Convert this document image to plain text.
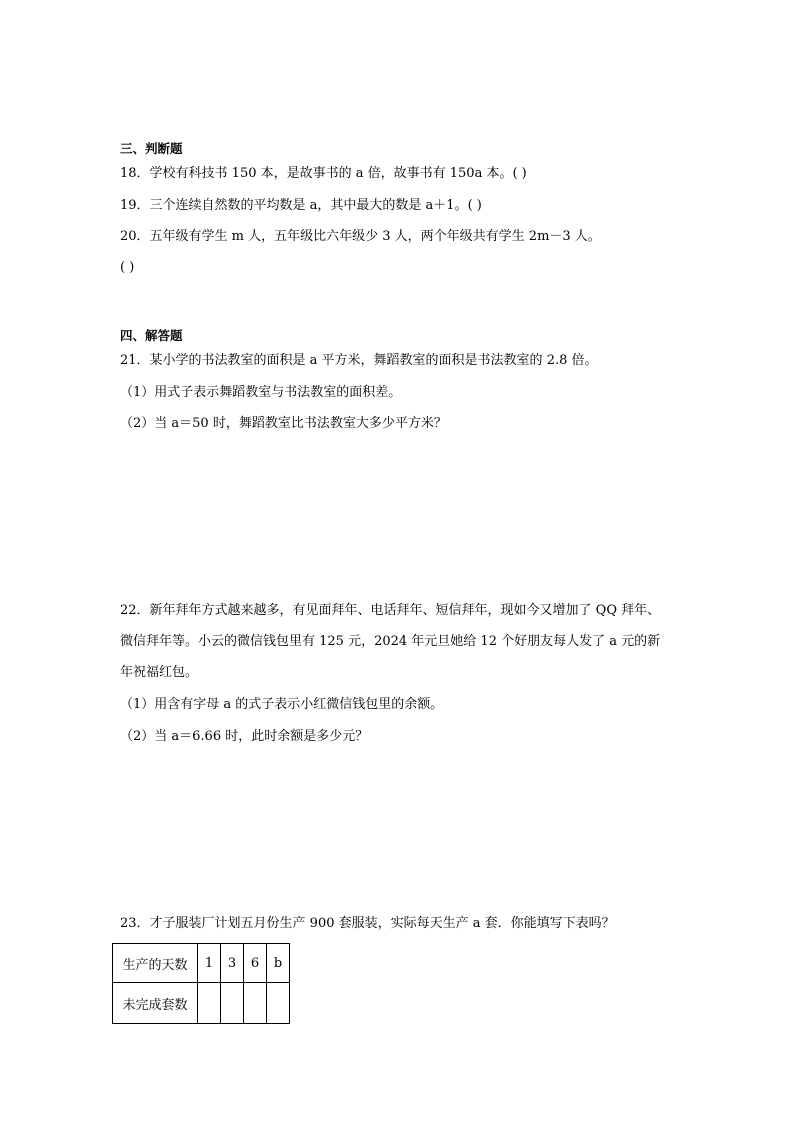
三、判断题
18．学校有科技书 150 本，是故事书的 a 倍，故事书有 150a 本。( )
19．三个连续自然数的平均数是 a，其中最大的数是 a＋1。( )
20．五年级有学生 m 人，五年级比六年级少 3 人，两个年级共有学生 2m－3 人。
( )
四、解答题
21．某小学的书法教室的面积是 a 平方米，舞蹈教室的面积是书法教室的 2.8 倍。
（1）用式子表示舞蹈教室与书法教室的面积差。
（2）当 a＝50 时，舞蹈教室比书法教室大多少平方米？
22．新年拜年方式越来越多，有见面拜年、电话拜年、短信拜年，现如今又增加了 QQ 拜年、
微信拜年等。小云的微信钱包里有 125 元，2024 年元旦她给 12 个好朋友每人发了 a 元的新
年祝福红包。
（1）用含有字母 a 的式子表示小红微信钱包里的余额。
（2）当 a＝6.66 时，此时余额是多少元？
23．才子服装厂计划五月份生产 900 套服装，实际每天生产 a 套．你能填写下表吗？
生产的天数	1	3	6	b
未完成套数				
